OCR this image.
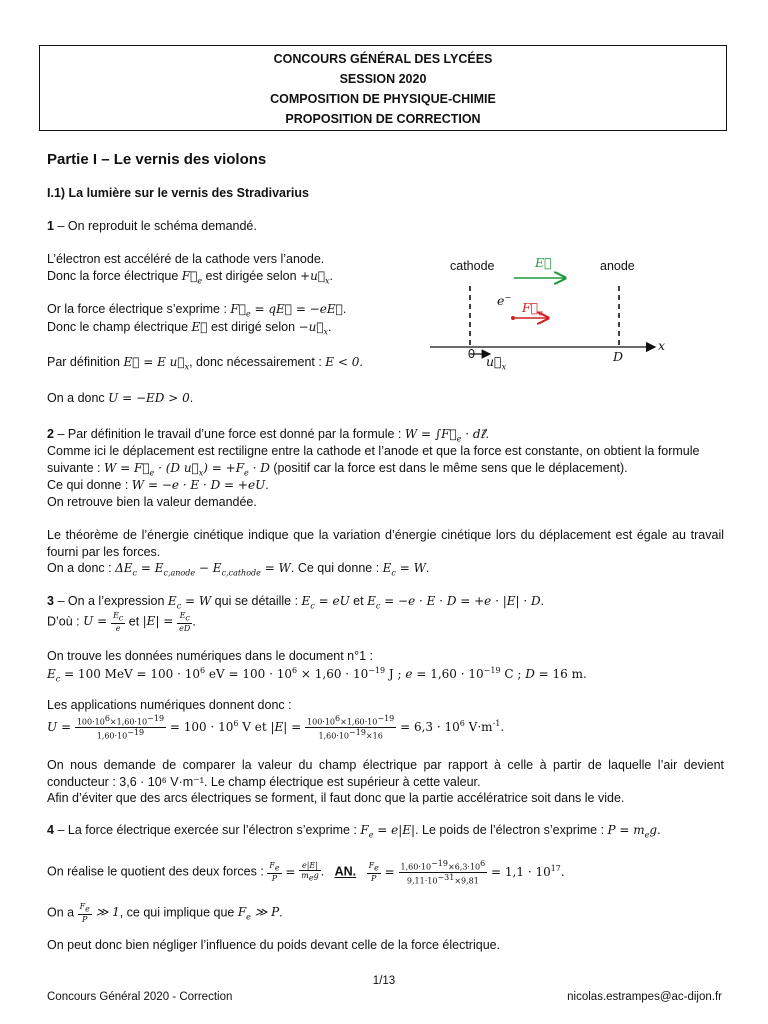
CONCOURS GÉNÉRAL DES LYCÉES
SESSION 2020
COMPOSITION DE PHYSIQUE-CHIMIE
PROPOSITION DE CORRECTION
Partie I – Le vernis des violons
I.1) La lumière sur le vernis des Stradivarius
1 – On reproduit le schéma demandé.
L’électron est accéléré de la cathode vers l’anode.
Donc la force électrique $F⃗_e$ est dirigée selon $+u⃗_x$.
Or la force électrique s’exprime : $F⃗_e$ = qE⃗ = −eE⃗.
Donc le champ électrique E⃗ est dirigé selon $-u⃗_x$.
Par définition E⃗ = E $u⃗_x$, donc nécessairement : E < 0.
On a donc U = −ED > 0.
cathode	anode
E
e−
$F_e$
0 $u_x$
D
x
2 – Par définition le travail d’une force est donné par la formule : $W = \int F⃗_e$ · dℓ⃗.
Comme ici le déplacement est rectiligne entre la cathode et l’anode et que la force est constante, on obtient la formule
suivante : $W = F⃗_e \cdot (D$ $u⃗_x) = +F_e \cdot D$ (positif car la force est dans le même sens que le déplacement).
Ce qui donne : W = −e · E · D = +eU.
On retrouve bien la valeur demandée.
Le théorème de l’énergie cinétique indique que la variation d’énergie cinétique lors du déplacement est égale au travail fourni par les forces.
On a donc : $\Delta E_c = E_{c,anode} - E_{c,cathode} = W$. Ce qui donne : $E_c = W$.
3 – On a l’expression $E_c = W$ qui se détaille : $E_c$ = eU et $E_c = -e \cdot E \cdot D = +e \cdot |E| \cdot D$.
D’où : $U = \frac{E_c}{e}$ et $|E| = \frac{E_c}{eD}$ .
On trouve les données numériques dans le document n°1 :
$E_c = 100$ MeV = $100 \cdot 10^6$ eV = $100 \cdot 10^6 \times 1,60 \cdot 10^{-19}$ J ; $e = 1,60 \cdot 10^{-19}$ C ; D = 16 m.
Les applications numériques donnent donc :
$U = \frac{100\cdot 10^6\times 1,60\cdot 10^{-19}}{1,60\cdot 10^{-19}} = 100 \cdot 10^6$ V et $|E| = \frac{100\cdot 10^6\times 1,60\cdot 10^{-19}}{1,60\cdot 10^{-19}\times 16} = 6,3 \cdot 10^6$ $V\cdot m^{-1}$.
On nous demande de comparer la valeur du champ électrique par rapport à celle à partir de laquelle l’air devient conducteur : 3,6 · 10⁶ V·m⁻¹. Le champ électrique est supérieur à cette valeur.
Afin d’éviter que des arcs électriques se forment, il faut donc que la partie accélératrice soit dans le vide.
4 – La force électrique exercée sur l’électron s’exprime : $F_e = e|E|$. Le poids de l’électron s’exprime : $P = m_eg$.
On réalise le quotient des deux forces : $\frac{F_e}{P} = \frac{e|E|}{m_eg}$ .   AN. $\frac{F_e}{P} = \frac{1,60\cdot 10^{-19}\times 6,3\cdot 10^6}{9,11\cdot 10^{-31}\times 9,81} = 1,1 \cdot 10^{17}$.
On a $\frac{F_e}{P}$ ≫ 1, ce qui implique que $F_e$ ≫ P.
On peut donc bien négliger l’influence du poids devant celle de la force électrique.
1/13
Concours Général 2020 - Correction	nicolas.estrampes@ac-dijon.fr
